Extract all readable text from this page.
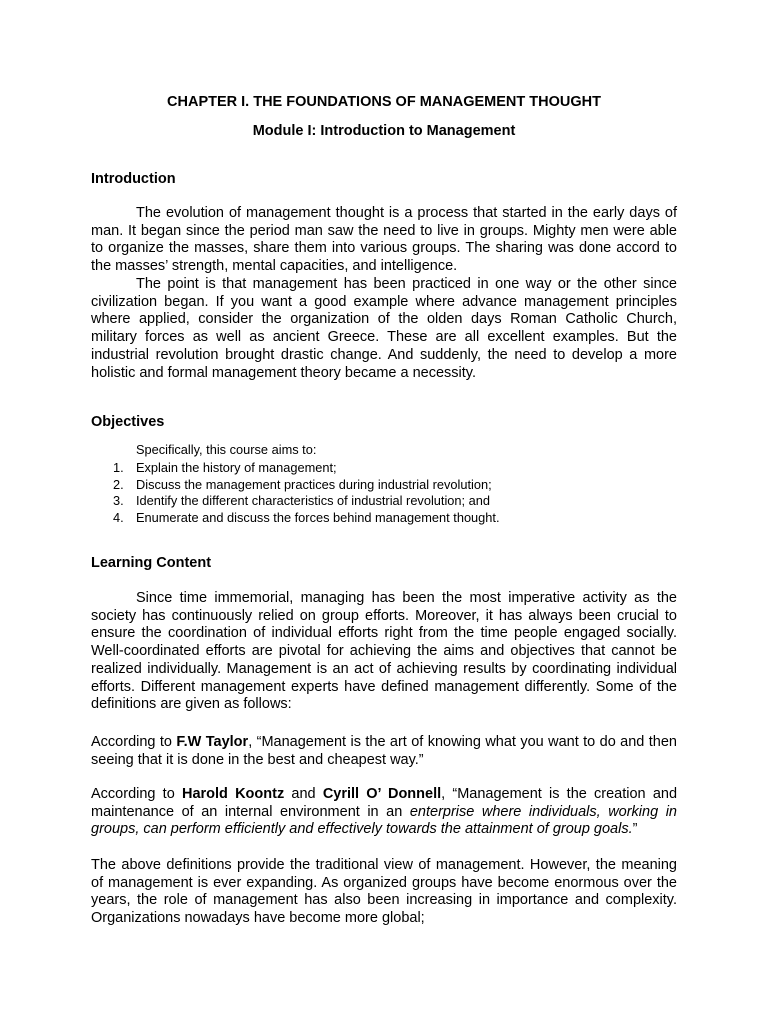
CHAPTER I. THE FOUNDATIONS OF MANAGEMENT THOUGHT
Module I: Introduction to Management
Introduction

The evolution of management thought is a process that started in the early days of man. It began since the period man saw the need to live in groups. Mighty men were able to organize the masses, share them into various groups. The sharing was done accord to the masses’ strength, mental capacities, and intelligence.

The point is that management has been practiced in one way or the other since civilization began. If you want a good example where advance management principles where applied, consider the organization of the olden days Roman Catholic Church, military forces as well as ancient Greece. These are all excellent examples. But the industrial revolution brought drastic change. And suddenly, the need to develop a more holistic and formal management theory became a necessity.

Objectives
Specifically, this course aims to:
1. Explain the history of management;
2. Discuss the management practices during industrial revolution;
3. Identify the different characteristics of industrial revolution; and
4. Enumerate and discuss the forces behind management thought.
Learning Content

Since time immemorial, managing has been the most imperative activity as the society has continuously relied on group efforts. Moreover, it has always been crucial to ensure the coordination of individual efforts right from the time people engaged socially. Well-coordinated efforts are pivotal for achieving the aims and objectives that cannot be realized individually. Management is an act of achieving results by coordinating individual efforts. Different management experts have defined management differently. Some of the definitions are given as follows:

According to F.W Taylor, “Management is the art of knowing what you want to do and then seeing that it is done in the best and cheapest way.”

According to Harold Koontz and Cyrill O’ Donnell, “Management is the creation and maintenance of an internal environment in an enterprise where individuals, working in groups, can perform efficiently and effectively towards the attainment of group goals.”

The above definitions provide the traditional view of management. However, the meaning of management is ever expanding. As organized groups have become enormous over the years, the role of management has also been increasing in importance and complexity. Organizations nowadays have become more global;
